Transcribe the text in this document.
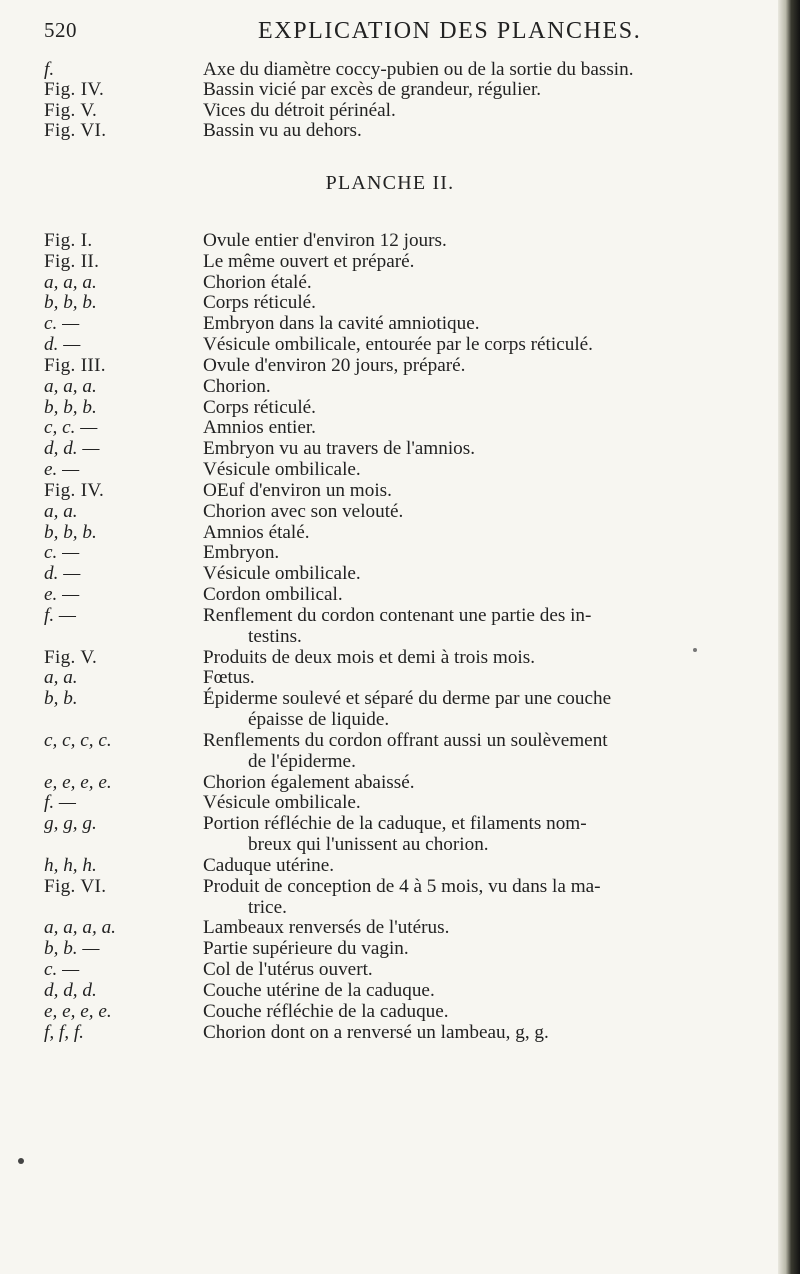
520	EXPLICATION DES PLANCHES.
f.	Axe du diamètre coccy-pubien ou de la sortie du bassin.
Fig. IV.	Bassin vicié par excès de grandeur, régulier.
Fig. V.	Vices du détroit périnéal.
Fig. VI.	Bassin vu au dehors.
PLANCHE II.
Fig. I.	Ovule entier d'environ 12 jours.
Fig. II.	Le même ouvert et préparé.
a, a, a.	Chorion étalé.
b, b, b.	Corps réticulé.
c. —	Embryon dans la cavité amniotique.
d. —	Vésicule ombilicale, entourée par le corps réticulé.
Fig. III.	Ovule d'environ 20 jours, préparé.
a, a, a.	Chorion.
b, b, b.	Corps réticulé.
c, c. —	Amnios entier.
d, d. —	Embryon vu au travers de l'amnios.
e. —	Vésicule ombilicale.
Fig. IV.	OEuf d'environ un mois.
a, a.	Chorion avec son velouté.
b, b, b.	Amnios étalé.
c. —	Embryon.
d. —	Vésicule ombilicale.
e. —	Cordon ombilical.
f. —	Renflement du cordon contenant une partie des in-
testins.
Fig. V.	Produits de deux mois et demi à trois mois.
a, a.	Fœtus.
b, b.	Épiderme soulevé et séparé du derme par une couche
épaisse de liquide.
c, c, c, c.	Renflements du cordon offrant aussi un soulèvement
de l'épiderme.
e, e, e, e.	Chorion également abaissé.
f. —	Vésicule ombilicale.
g, g, g.	Portion réfléchie de la caduque, et filaments nom-
breux qui l'unissent au chorion.
h, h, h.	Caduque utérine.
Fig. VI.	Produit de conception de 4 à 5 mois, vu dans la ma-
trice.
a, a, a, a.	Lambeaux renversés de l'utérus.
b, b. —	Partie supérieure du vagin.
c. —	Col de l'utérus ouvert.
d, d, d.	Couche utérine de la caduque.
e, e, e, e.	Couche réfléchie de la caduque.
f, f, f.	Chorion dont on a renversé un lambeau, g, g.
